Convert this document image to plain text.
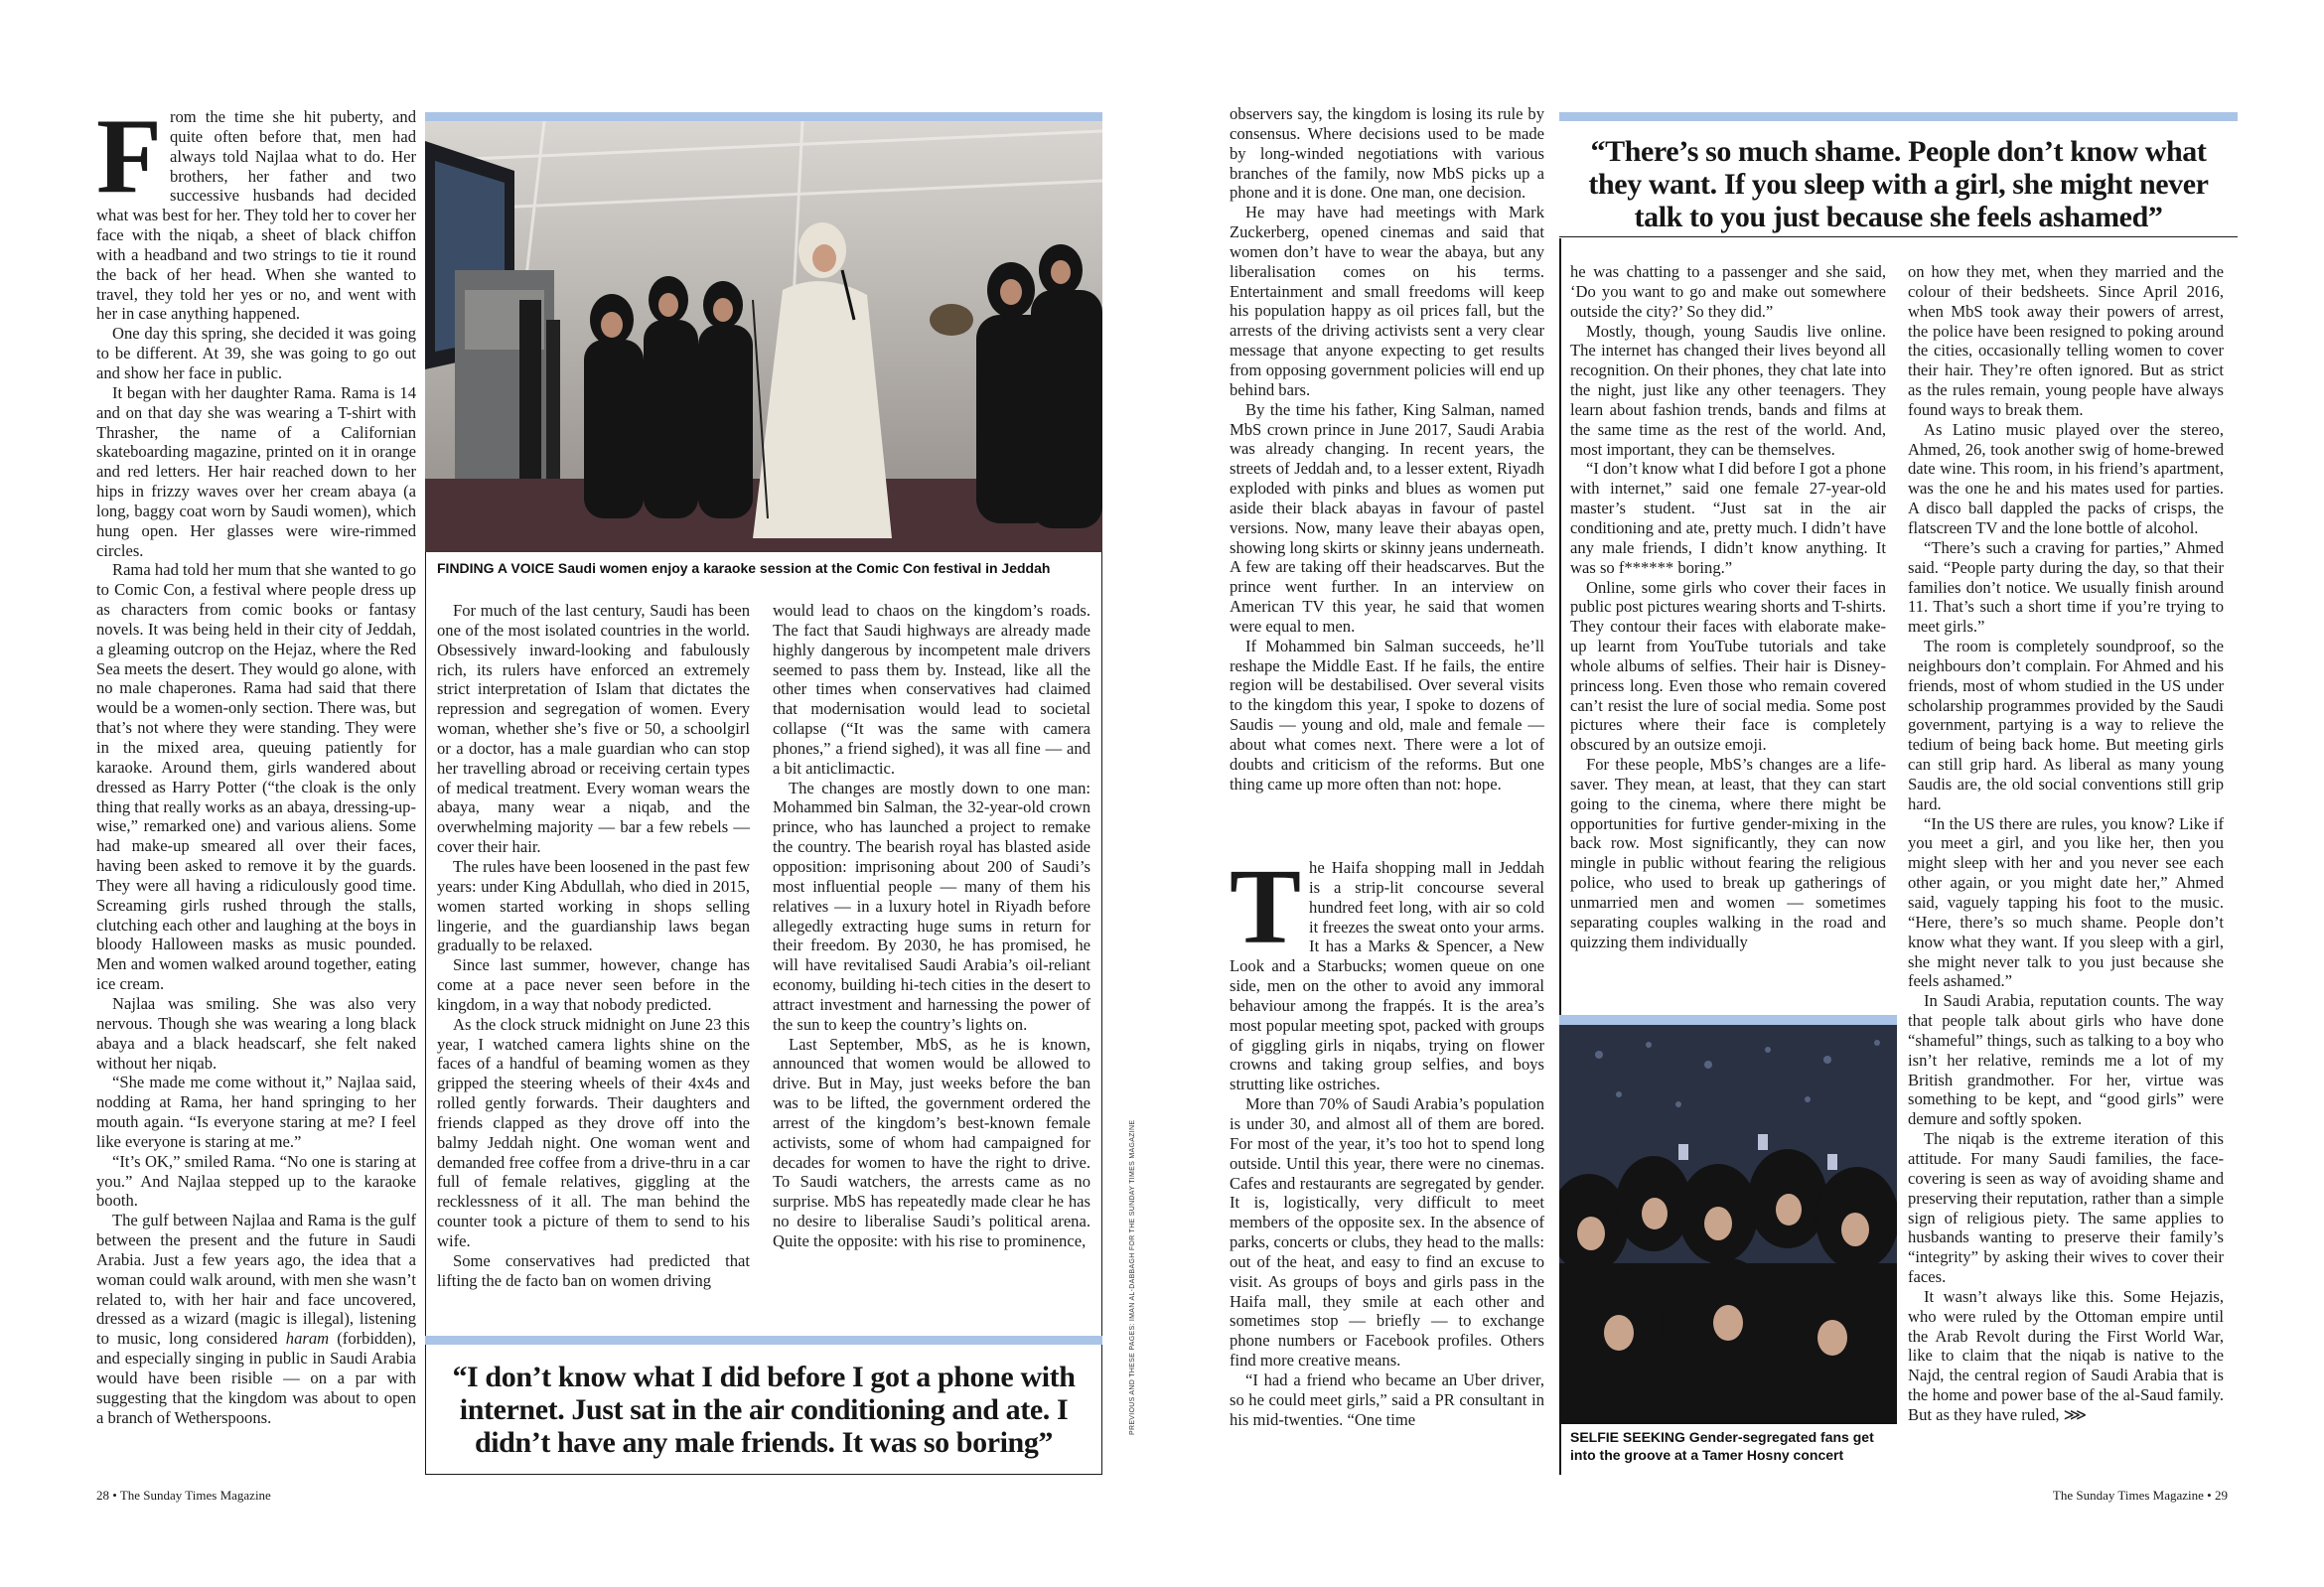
F rom the time she hit puberty, and quite often before that, men had always told Najlaa what to do. Her brothers, her father and two successive husbands had decided what was best for her. They told her to cover her face with the niqab, a sheet of black chiffon with a headband and two strings to tie it round the back of her head. When she wanted to travel, they told her yes or no, and went with her in case anything happened.

One day this spring, she decided it was going to be different. At 39, she was going to go out and show her face in public.

It began with her daughter Rama. Rama is 14 and on that day she was wearing a T-shirt with Thrasher, the name of a Californian skateboarding magazine, printed on it in orange and red letters. Her hair reached down to her hips in frizzy waves over her cream abaya (a long, baggy coat worn by Saudi women), which hung open. Her glasses were wire-rimmed circles.

Rama had told her mum that she wanted to go to Comic Con, a festival where people dress up as characters from comic books or fantasy novels. It was being held in their city of Jeddah, a gleaming outcrop on the Hejaz, where the Red Sea meets the desert. They would go alone, with no male chaperones. Rama had said that there would be a women-only section. There was, but that’s not where they were standing. They were in the mixed area, queuing patiently for karaoke. Around them, girls wandered about dressed as Harry Potter (“the cloak is the only thing that really works as an abaya, dressing-up-wise,” remarked one) and various aliens. Some had make-up smeared all over their faces, having been asked to remove it by the guards. They were all having a ridiculously good time. Screaming girls rushed through the stalls, clutching each other and laughing at the boys in bloody Halloween masks as music pounded. Men and women walked around together, eating ice cream.

Najlaa was smiling. She was also very nervous. Though she was wearing a long black abaya and a black headscarf, she felt naked without her niqab.

“She made me come without it,” Najlaa said, nodding at Rama, her hand springing to her mouth again. “Is everyone staring at me? I feel like everyone is staring at me.”

“It’s OK,” smiled Rama. “No one is staring at you.” And Najlaa stepped up to the karaoke booth.

The gulf between Najlaa and Rama is the gulf between the present and the future in Saudi Arabia. Just a few years ago, the idea that a woman could walk around, with men she wasn’t related to, with her hair and face uncovered, dressed as a wizard (magic is illegal), listening to music, long considered haram (forbidden), and especially singing in public in Saudi Arabia would have been risible — on a par with suggesting that the kingdom was about to open a branch of Wetherspoons.

FINDING A VOICE Saudi women enjoy a karaoke session at the Comic Con festival in Jeddah

For much of the last century, Saudi has been one of the most isolated countries in the world. Obsessively inward-looking and fabulously rich, its rulers have enforced an extremely strict interpretation of Islam that dictates the repression and segregation of women. Every woman, whether she’s five or 50, a schoolgirl or a doctor, has a male guardian who can stop her travelling abroad or receiving certain types of medical treatment. Every woman wears the abaya, many wear a niqab, and the overwhelming majority — bar a few rebels — cover their hair.

The rules have been loosened in the past few years: under King Abdullah, who died in 2015, women started working in shops selling lingerie, and the guardianship laws began gradually to be relaxed.

Since last summer, however, change has come at a pace never seen before in the kingdom, in a way that nobody predicted.

As the clock struck midnight on June 23 this year, I watched camera lights shine on the faces of a handful of beaming women as they gripped the steering wheels of their 4x4s and rolled gently forwards. Their daughters and friends clapped as they drove off into the balmy Jeddah night. One woman went and demanded free coffee from a drive-thru in a car full of female relatives, giggling at the recklessness of it all. The man behind the counter took a picture of them to send to his wife.

Some conservatives had predicted that lifting the de facto ban on women driving

would lead to chaos on the kingdom’s roads. The fact that Saudi highways are already made highly dangerous by incompetent male drivers seemed to pass them by. Instead, like all the other times when conservatives had claimed that modernisation would lead to societal collapse (“It was the same with camera phones,” a friend sighed), it was all fine — and a bit anticlimactic.

The changes are mostly down to one man: Mohammed bin Salman, the 32-year-old crown prince, who has launched a project to remake the country. The bearish royal has blasted aside opposition: imprisoning about 200 of Saudi’s most influential people — many of them his relatives — in a luxury hotel in Riyadh before allegedly extracting huge sums in return for their freedom. By 2030, he has promised, he will have revitalised Saudi Arabia’s oil-reliant economy, building hi-tech cities in the desert to attract investment and harnessing the power of the sun to keep the country’s lights on.

Last September, MbS, as he is known, announced that women would be allowed to drive. But in May, just weeks before the ban was to be lifted, the government ordered the arrest of the kingdom’s best-known female activists, some of whom had campaigned for decades for women to have the right to drive. To Saudi watchers, the arrests came as no surprise. MbS has repeatedly made clear he has no desire to liberalise Saudi’s political arena. Quite the opposite: with his rise to prominence,

“I don’t know what I did before I got a phone with internet. Just sat in the air conditioning and ate. I didn’t have any male friends. It was so boring”
PREVIOUS AND THESE PAGES: IMAN AL-DABBAGH FOR THE SUNDAY TIMES MAGAZINE
28 • The Sunday Times Magazine

observers say, the kingdom is losing its rule by consensus. Where decisions used to be made by long-winded negotiations with various branches of the family, now MbS picks up a phone and it is done. One man, one decision.

He may have had meetings with Mark Zuckerberg, opened cinemas and said that women don’t have to wear the abaya, but any liberalisation comes on his terms. Entertainment and small freedoms will keep his population happy as oil prices fall, but the arrests of the driving activists sent a very clear message that anyone expecting to get results from opposing government policies will end up behind bars.

By the time his father, King Salman, named MbS crown prince in June 2017, Saudi Arabia was already changing. In recent years, the streets of Jeddah and, to a lesser extent, Riyadh exploded with pinks and blues as women put aside their black abayas in favour of pastel versions. Now, many leave their abayas open, showing long skirts or skinny jeans underneath. A few are taking off their headscarves. But the prince went further. In an interview on American TV this year, he said that women were equal to men.

If Mohammed bin Salman succeeds, he’ll reshape the Middle East. If he fails, the entire region will be destabilised. Over several visits to the kingdom this year, I spoke to dozens of Saudis — young and old, male and female — about what comes next. There were a lot of doubts and criticism of the reforms. But one thing came up more often than not: hope.

T he Haifa shopping mall in Jeddah is a strip-lit concourse several hundred feet long, with air so cold it freezes the sweat onto your arms. It has a Marks & Spencer, a New Look and a Starbucks; women queue on one side, men on the other to avoid any immoral behaviour among the frappés. It is the area’s most popular meeting spot, packed with groups of giggling girls in niqabs, trying on flower crowns and taking group selfies, and boys strutting like ostriches.

More than 70% of Saudi Arabia’s population is under 30, and almost all of them are bored. For most of the year, it’s too hot to spend long outside. Until this year, there were no cinemas. Cafes and restaurants are segregated by gender. It is, logistically, very difficult to meet members of the opposite sex. In the absence of parks, concerts or clubs, they head to the malls: out of the heat, and easy to find an excuse to visit. As groups of boys and girls pass in the Haifa mall, they smile at each other and sometimes stop — briefly — to exchange phone numbers or Facebook profiles. Others find more creative means.

“I had a friend who became an Uber driver, so he could meet girls,” said a PR consultant in his mid-twenties. “One time

“There’s so much shame. People don’t know what they want. If you sleep with a girl, she might never talk to you just because she feels ashamed”

he was chatting to a passenger and she said, ‘Do you want to go and make out somewhere outside the city?’ So they did.”

Mostly, though, young Saudis live online. The internet has changed their lives beyond all recognition. On their phones, they chat late into the night, just like any other teenagers. They learn about fashion trends, bands and films at the same time as the rest of the world. And, most important, they can be themselves.

“I don’t know what I did before I got a phone with internet,” said one female 27-year-old master’s student. “Just sat in the air conditioning and ate, pretty much. I didn’t have any male friends, I didn’t know anything. It was so f****** boring.”

Online, some girls who cover their faces in public post pictures wearing shorts and T-shirts. They contour their faces with elaborate make-up learnt from YouTube tutorials and take whole albums of selfies. Their hair is Disney-princess long. Even those who remain covered can’t resist the lure of social media. Some post pictures where their face is completely obscured by an outsize emoji.

For these people, MbS’s changes are a life-saver. They mean, at least, that they can start going to the cinema, where there might be opportunities for furtive gender-mixing in the back row. Most significantly, they can now mingle in public without fearing the religious police, who used to break up gatherings of unmarried men and women — sometimes separating couples walking in the road and quizzing them individually

SELFIE SEEKING Gender-segregated fans get into the groove at a Tamer Hosny concert

on how they met, when they married and the colour of their bedsheets. Since April 2016, when MbS took away their powers of arrest, the police have been resigned to poking around the cities, occasionally telling women to cover their hair. They’re often ignored. But as strict as the rules remain, young people have always found ways to break them.

As Latino music played over the stereo, Ahmed, 26, took another swig of home-brewed date wine. This room, in his friend’s apartment, was the one he and his mates used for parties. A disco ball dappled the packs of crisps, the flatscreen TV and the lone bottle of alcohol.

“There’s such a craving for parties,” Ahmed said. “People party during the day, so that their families don’t notice. We usually finish around 11. That’s such a short time if you’re trying to meet girls.”

The room is completely soundproof, so the neighbours don’t complain. For Ahmed and his friends, most of whom studied in the US under scholarship programmes provided by the Saudi government, partying is a way to relieve the tedium of being back home. But meeting girls can still grip hard. As liberal as many young Saudis are, the old social conventions still grip hard.

“In the US there are rules, you know? Like if you meet a girl, and you like her, then you might sleep with her and you never see each other again, or you might date her,” Ahmed said, vaguely tapping his foot to the music. “Here, there’s so much shame. People don’t know what they want. If you sleep with a girl, she might never talk to you just because she feels ashamed.”

In Saudi Arabia, reputation counts. The way that people talk about girls who have done “shameful” things, such as talking to a boy who isn’t her relative, reminds me a lot of my British grandmother. For her, virtue was something to be kept, and “good girls” were demure and softly spoken.

The niqab is the extreme iteration of this attitude. For many Saudi families, the face-covering is seen as way of avoiding shame and preserving their reputation, rather than a simple sign of religious piety. The same applies to husbands wanting to preserve their family’s “integrity” by asking their wives to cover their faces.

It wasn’t always like this. Some Hejazis, who were ruled by the Ottoman empire until the Arab Revolt during the First World War, like to claim that the niqab is native to the Najd, the central region of Saudi Arabia that is the home and power base of the al-Saud family. But as they have ruled, ⋙

The Sunday Times Magazine • 29
